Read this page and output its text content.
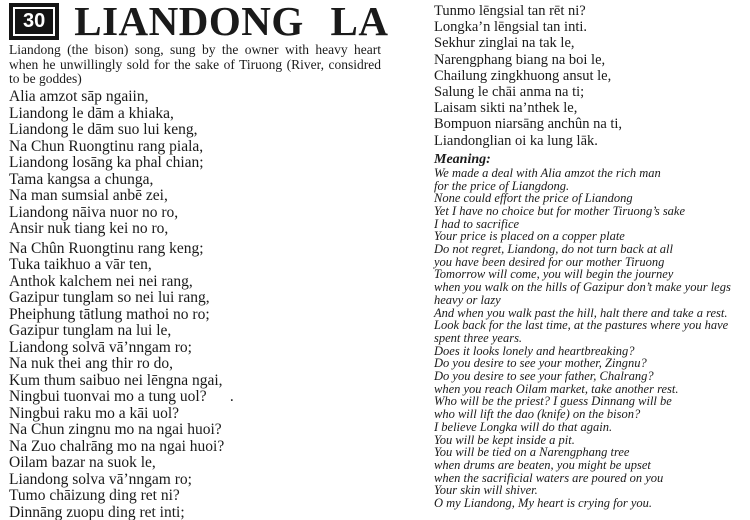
30 LIANDONG LA

Liandong (the bison) song, sung by the owner with heavy heart when he unwillingly sold for the sake of Tiruong (River, considred to be goddes)

Alia amzot sāp ngaiin,
Liandong le dām a khiaka,
Liandong le dām suo lui keng,
Na Chun Ruongtinu rang piala,
Liandong losāng ka phal chian;
Tama kangsa a chunga,
Na man sumsial anbē zei,
Liandong nāiva nuor no ro,
Ansir nuk tiang kei no ro,
Na Chûn Ruongtinu rang keng;
Tuka taikhuo a vār ten,
Anthok kalchem nei nei rang,
Gazipur tunglam so nei lui rang,
Pheiphung tātlung mathoi no ro;
Gazipur tunglam na lui le,
Liandong solvā vā’nngam ro;
Na nuk thei ang thir ro do,
Kum thum saibuo nei lēngna ngai,
Ningbui tuonvai mo a tung uol?      .
Ningbui raku mo a kāi uol?
Na Chun zingnu mo na ngai huoi?
Na Zuo chalrāng mo na ngai huoi?
Oilam bazar na suok le,
Liandong solva vā’nngam ro;
Tumo chāizung ding ret ni?
Dinnāng zuopu ding ret inti;
Tunmo lēngsial tan rēt ni?
Longka’n lēngsial tan inti.
Sekhur zinglai na tak le,
Narengphang biang na boi le,
Chailung zingkhuong ansut le,
Salung le chāi anma na ti;
Laisam sikti na’nthek le,
Bompuon niarsāng anchûn na ti,
Liandonglian oi ka lung lāk.
Meaning:
We made a deal with Alia amzot the rich man
for the price of Liangdong.
None could effort the price of Liandong
Yet I have no choice but for mother Tiruong’s sake
I had to sacrifice
Your price is placed on a copper plate
Do not regret, Liandong, do not turn back at all
you have been desired for our mother Tiruong
Tomorrow will come, you will begin the journey
when you walk on the hills of Gazipur don’t make your legs
heavy or lazy
And when you walk past the hill, halt there and take a rest.
Look back for the last time, at the pastures where you have
spent three years.
Does it looks lonely and heartbreaking?
Do you desire to see your mother, Zingnu?
Do you desire to see your father, Chalrang?
when you reach Oilam market, take another rest.
Who will be the priest? I guess Dinnang will be
who will lift the dao (knife) on the bison?
I believe Longka will do that again.
You will be kept inside a pit.
You will be tied on a Narengphang tree
when drums are beaten, you might be upset
when the sacrificial waters are poured on you
Your skin will shiver.
O my Liandong, My heart is crying for you.
